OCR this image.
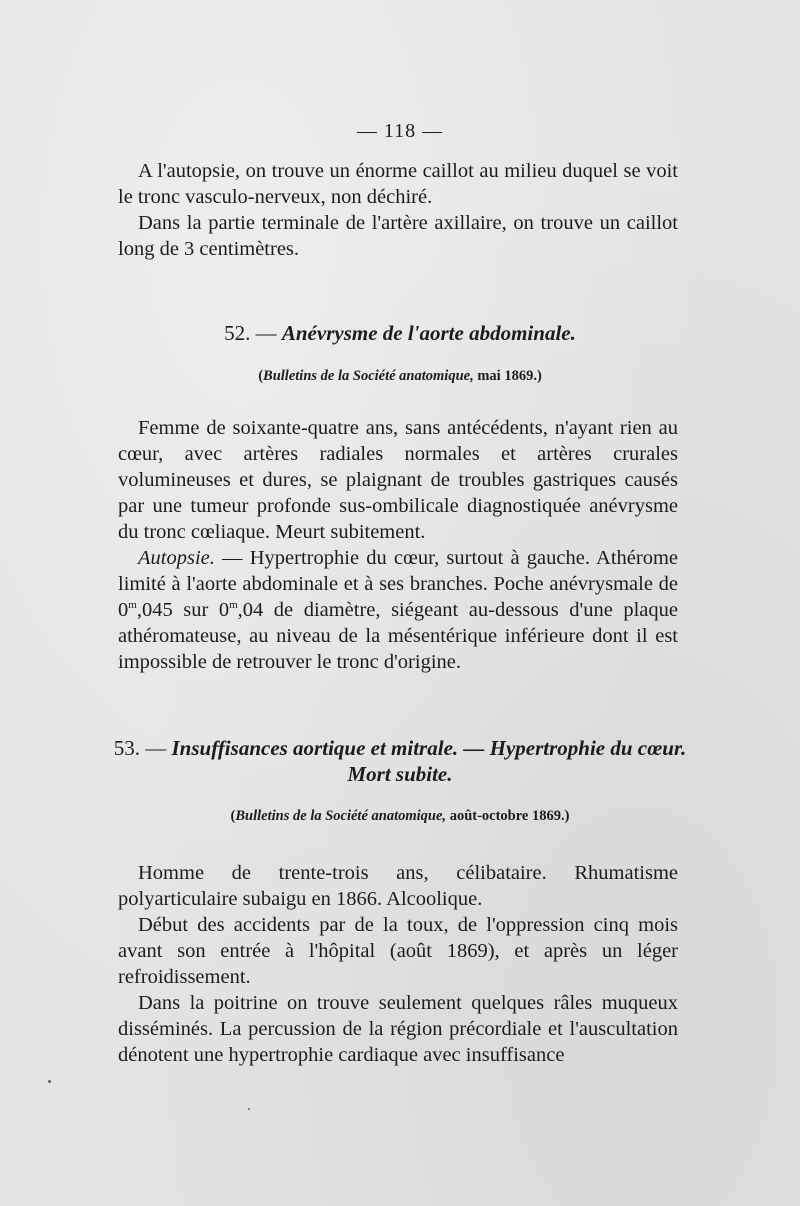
— 118 —

A l'autopsie, on trouve un énorme caillot au milieu duquel se voit le tronc vasculo-nerveux, non déchiré.

Dans la partie terminale de l'artère axillaire, on trouve un caillot long de 3 centimètres.

52. — Anévrysme de l'aorte abdominale.
(Bulletins de la Société anatomique, mai 1869.)

Femme de soixante-quatre ans, sans antécédents, n'ayant rien au cœur, avec artères radiales normales et artères crurales volumineuses et dures, se plaignant de troubles gastriques causés par une tumeur profonde sus-ombilicale diagnostiquée anévrysme du tronc cœliaque. Meurt subitement.

Autopsie. — Hypertrophie du cœur, surtout à gauche. Athérome limité à l'aorte abdominale et à ses branches. Poche anévrysmale de 0$^m$,045 sur 0$^m$,04 de diamètre, siégeant au-dessous d'une plaque athéromateuse, au niveau de la mésentérique inférieure dont il est impossible de retrouver le tronc d'origine.

53. — Insuffisances aortique et mitrale. — Hypertrophie du cœur.
Mort subite.
(Bulletins de la Société anatomique, août-octobre 1869.)

Homme de trente-trois ans, célibataire. Rhumatisme polyarticulaire subaigu en 1866. Alcoolique.

Début des accidents par de la toux, de l'oppression cinq mois avant son entrée à l'hôpital (août 1869), et après un léger refroidissement.

Dans la poitrine on trouve seulement quelques râles muqueux disséminés. La percussion de la région précordiale et l'auscultation dénotent une hypertrophie cardiaque avec insuffisance
